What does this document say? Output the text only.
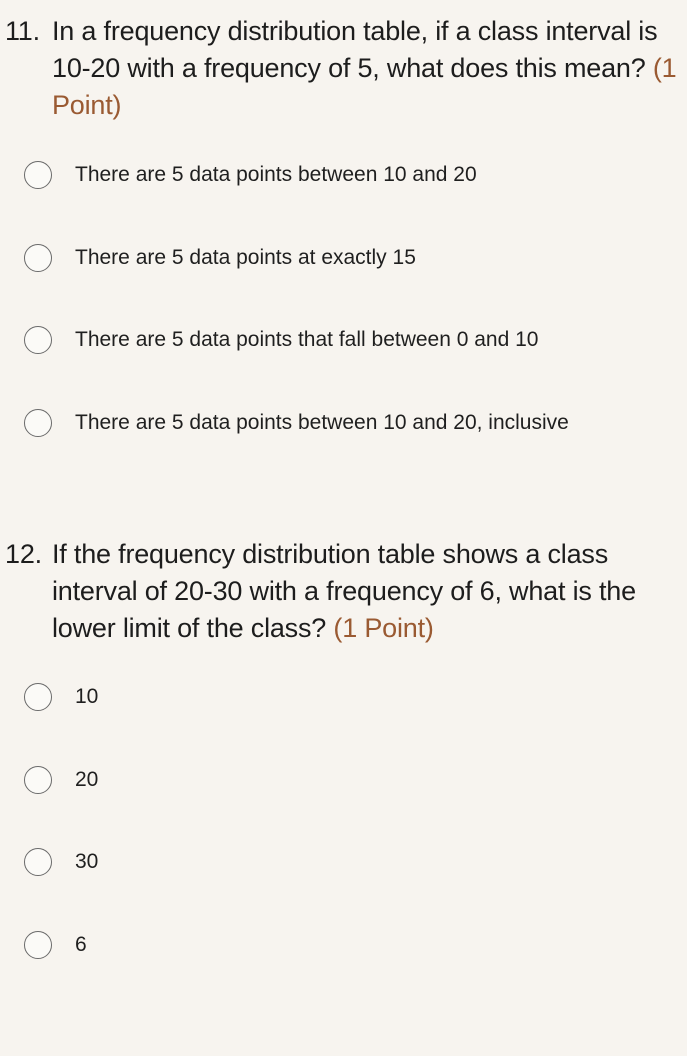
11. In a frequency distribution table, if a class interval is 10-20 with a frequency of 5, what does this mean? (1 Point)
There are 5 data points between 10 and 20
There are 5 data points at exactly 15
There are 5 data points that fall between 0 and 10
There are 5 data points between 10 and 20, inclusive
12. If the frequency distribution table shows a class interval of 20-30 with a frequency of 6, what is the lower limit of the class? (1 Point)
10
20
30
6
